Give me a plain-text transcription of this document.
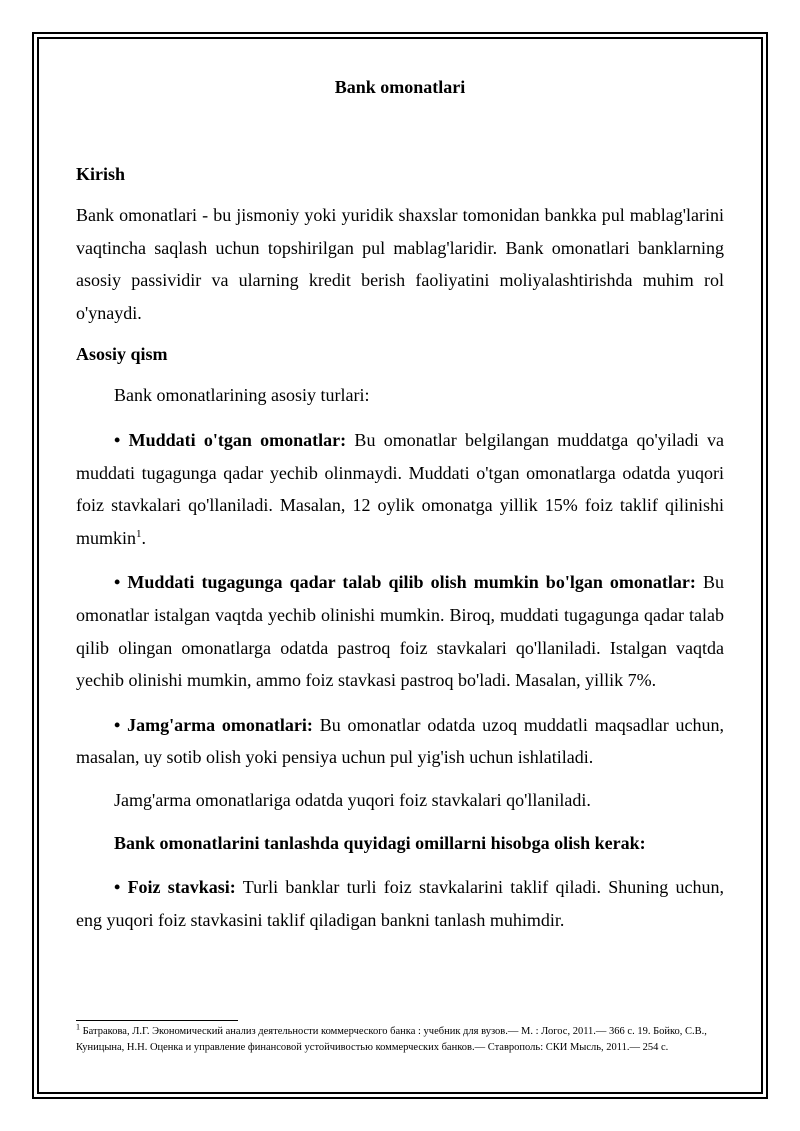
Bank omonatlari

Kirish

Bank omonatlari - bu jismoniy yoki yuridik shaxslar tomonidan bankka pul mablag'larini vaqtincha saqlash uchun topshirilgan pul mablag'laridir. Bank omonatlari banklarning asosiy passividir va ularning kredit berish faoliyatini moliyalashtirishda muhim rol o'ynaydi.

Asosiy qism

Bank omonatlarining asosiy turlari:

• Muddati o'tgan omonatlar: Bu omonatlar belgilangan muddatga qo'yiladi va muddati tugagunga qadar yechib olinmaydi. Muddati o'tgan omonatlarga odatda yuqori foiz stavkalari qo'llaniladi. Masalan, 12 oylik omonatga yillik 15% foiz taklif qilinishi mumkin$^1$.

• Muddati tugagunga qadar talab qilib olish mumkin bo'lgan omonatlar: Bu omonatlar istalgan vaqtda yechib olinishi mumkin. Biroq, muddati tugagunga qadar talab qilib olingan omonatlarga odatda pastroq foiz stavkalari qo'llaniladi. Istalgan vaqtda yechib olinishi mumkin, ammo foiz stavkasi pastroq bo'ladi. Masalan, yillik 7%.

• Jamg'arma omonatlari: Bu omonatlar odatda uzoq muddatli maqsadlar uchun, masalan, uy sotib olish yoki pensiya uchun pul yig'ish uchun ishlatiladi.

Jamg'arma omonatlariga odatda yuqori foiz stavkalari qo'llaniladi.

Bank omonatlarini tanlashda quyidagi omillarni hisobga olish kerak:

• Foiz stavkasi: Turli banklar turli foiz stavkalarini taklif qiladi. Shuning uchun, eng yuqori foiz stavkasini taklif qiladigan bankni tanlash muhimdir.

$^1$ Батракова, Л.Г. Экономический анализ деятельности коммерческого банка : учебник для вузов.— М. : Логос, 2011.— 366 с. 19. Бойко, С.В., Куницына, Н.Н. Оценка и управление финансовой устойчивостью коммерческих банков.— Ставрополь: СКИ Мысль, 2011.— 254 с.
